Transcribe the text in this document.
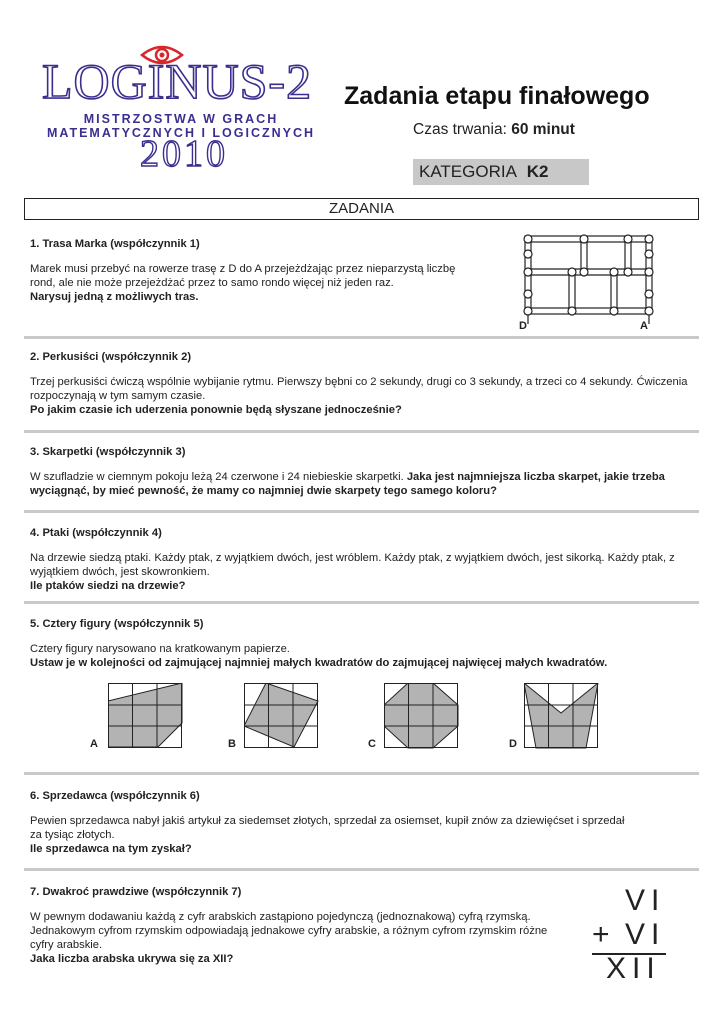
LOGINUS-2
MISTRZOSTWA W GRACH
MATEMATYCZNYCH I LOGICZNYCH
2010
Zadania etapu finałowego
Czas trwania: 60 minut
KATEGORIA K2
ZADANIA
1. Trasa Marka (współczynnik 1)
Marek musi przebyć na rowerze trasę z D do A przejeżdżając przez nieparzystą liczbę rond, ale nie może przejeżdżać przez to samo rondo więcej niż jeden raz.
Narysuj jedną z możliwych tras.
D	A
2. Perkusiści (współczynnik 2)
Trzej perkusiści ćwiczą wspólnie wybijanie rytmu. Pierwszy bębni co 2 sekundy, drugi co 3 sekundy, a trzeci co 4 sekundy. Ćwiczenia rozpoczynają w tym samym czasie.
Po jakim czasie ich uderzenia ponownie będą słyszane jednocześnie?
3. Skarpetki (współczynnik 3)
W szufladzie w ciemnym pokoju leżą 24 czerwone i 24 niebieskie skarpetki. Jaka jest najmniejsza liczba skarpet, jakie trzeba wyciągnąć, by mieć pewność, że mamy co najmniej dwie skarpety tego samego koloru?
4. Ptaki (współczynnik 4)
Na drzewie siedzą ptaki. Każdy ptak, z wyjątkiem dwóch, jest wróblem. Każdy ptak, z wyjątkiem dwóch, jest sikorką. Każdy ptak, z wyjątkiem dwóch, jest skowronkiem.
Ile ptaków siedzi na drzewie?
5. Cztery figury (współczynnik 5)
Cztery figury narysowano na kratkowanym papierze.
Ustaw je w kolejności od zajmującej najmniej małych kwadratów do zajmującej najwięcej małych kwadratów.
A	B	C	D
6. Sprzedawca (współczynnik 6)
Pewien sprzedawca nabył jakiś artykuł za siedemset złotych, sprzedał za osiemset, kupił znów za dziewięćset i sprzedał za tysiąc złotych.
Ile sprzedawca na tym zyskał?
7. Dwakroć prawdziwe (współczynnik 7)
W pewnym dodawaniu każdą z cyfr arabskich zastąpiono pojedynczą (jednoznakową) cyfrą rzymską. Jednakowym cyfrom rzymskim odpowiadają jednakowe cyfry arabskie, a różnym cyfrom rzymskim różne cyfry arabskie.
Jaka liczba arabska ukrywa się za XII?
VI
+ VI
XII
